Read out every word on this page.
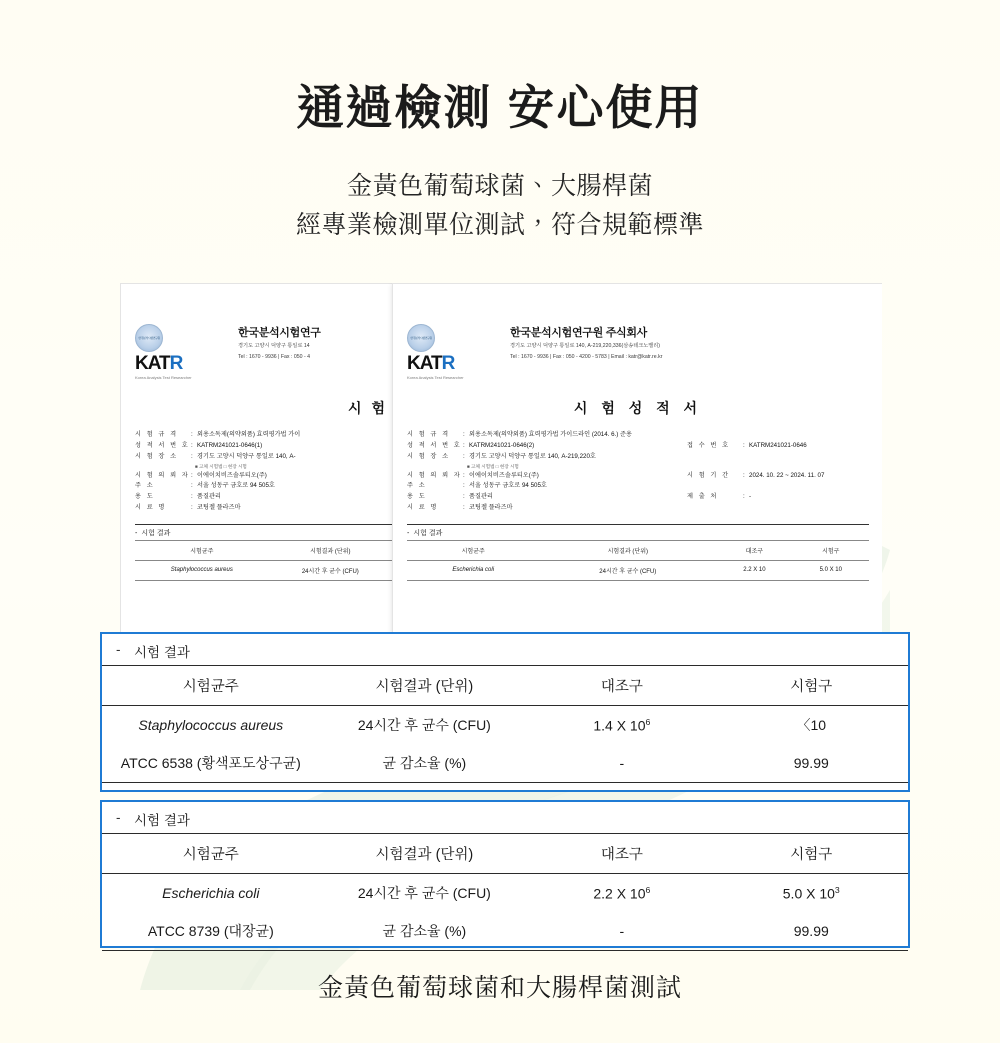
通過檢測 安心使用
金黃色葡萄球菌、大腸桿菌
經專業檢測單位測試，符合規範標準
한국분석시험연구원
KATR
Korea Analysis Test Researcher
한국분석시험연구
경기도 고양시 덕양구 통일로 14
Tel : 1670 - 9936 | Fax : 050 - 4
시 험
시 험 규 격	: 외용소독제(의약외품) 효력평가법 가이
성 적 서 번 호 : KATRM241021-0646(1)
시 험 장 소	: 경기도 고양시 덕양구 통일로 140, A-
■ 고체 시험법 □ 현장 시험
시 험 의 뢰 자 : 이에이치비즈솔루티오(주)
주 소	: 서울 성동구 금호로 94 505호
용 도	: 품질관리
시 료 명	: 코팅젤 플라즈마
- 시험 결과
시험균주	시험결과 (단위)
Staphylococcus aureus	24시간 후 균수 (CFU)
한국분석시험연구원
KATR
Korea Analysis Test Researcher
한국분석시험연구원 주식회사
경기도 고양시 덕양구 통일로 140, A-219,220,336(삼송테크노밸리)
Tel : 1670 - 9936 | Fax : 050 - 4200 - 5783 | Email : katr@katr.re.kr
시 험 성 적 서
시 험 규 격	: 외용소독제(의약외품) 효력평가법 가이드라인 (2014. 6.) 준용
성 적 서 번 호 : KATRM241021-0646(2)	접 수 번 호	: KATRM241021-0646
시 험 장 소	: 경기도 고양시 덕양구 통일로 140, A-219,220호
■ 고체 시험법 □ 현장 시험
시 험 의 뢰 자 : 이에이치비즈솔루티오(주)	시 험 기 간	: 2024. 10. 22 ~ 2024. 11. 07
주 소	: 서울 성동구 금호로 94 505호
용 도	: 품질관리	제 출 처	: -
시 료 명	: 코팅젤 플라즈마
- 시험 결과
시험균주	시험결과 (단위)	대조구	시험구
Escherichia coli	24시간 후 균수 (CFU)	2.2 X 10	5.0 X 10
- 시험 결과
시험균주	시험결과 (단위)	대조구	시험구
Staphylococcus aureus	24시간 후 균수 (CFU)	1.4 X $10^6$	〈10
ATCC 6538 (황색포도상구균)	균 감소율 (%)	-	99.99
- 시험 결과
시험균주	시험결과 (단위)	대조구	시험구
Escherichia coli	24시간 후 균수 (CFU)	2.2 X $10^6$	5.0 X $10^3$
ATCC 8739 (대장균)	균 감소율 (%)	-	99.99
金黃色葡萄球菌和大腸桿菌測試
